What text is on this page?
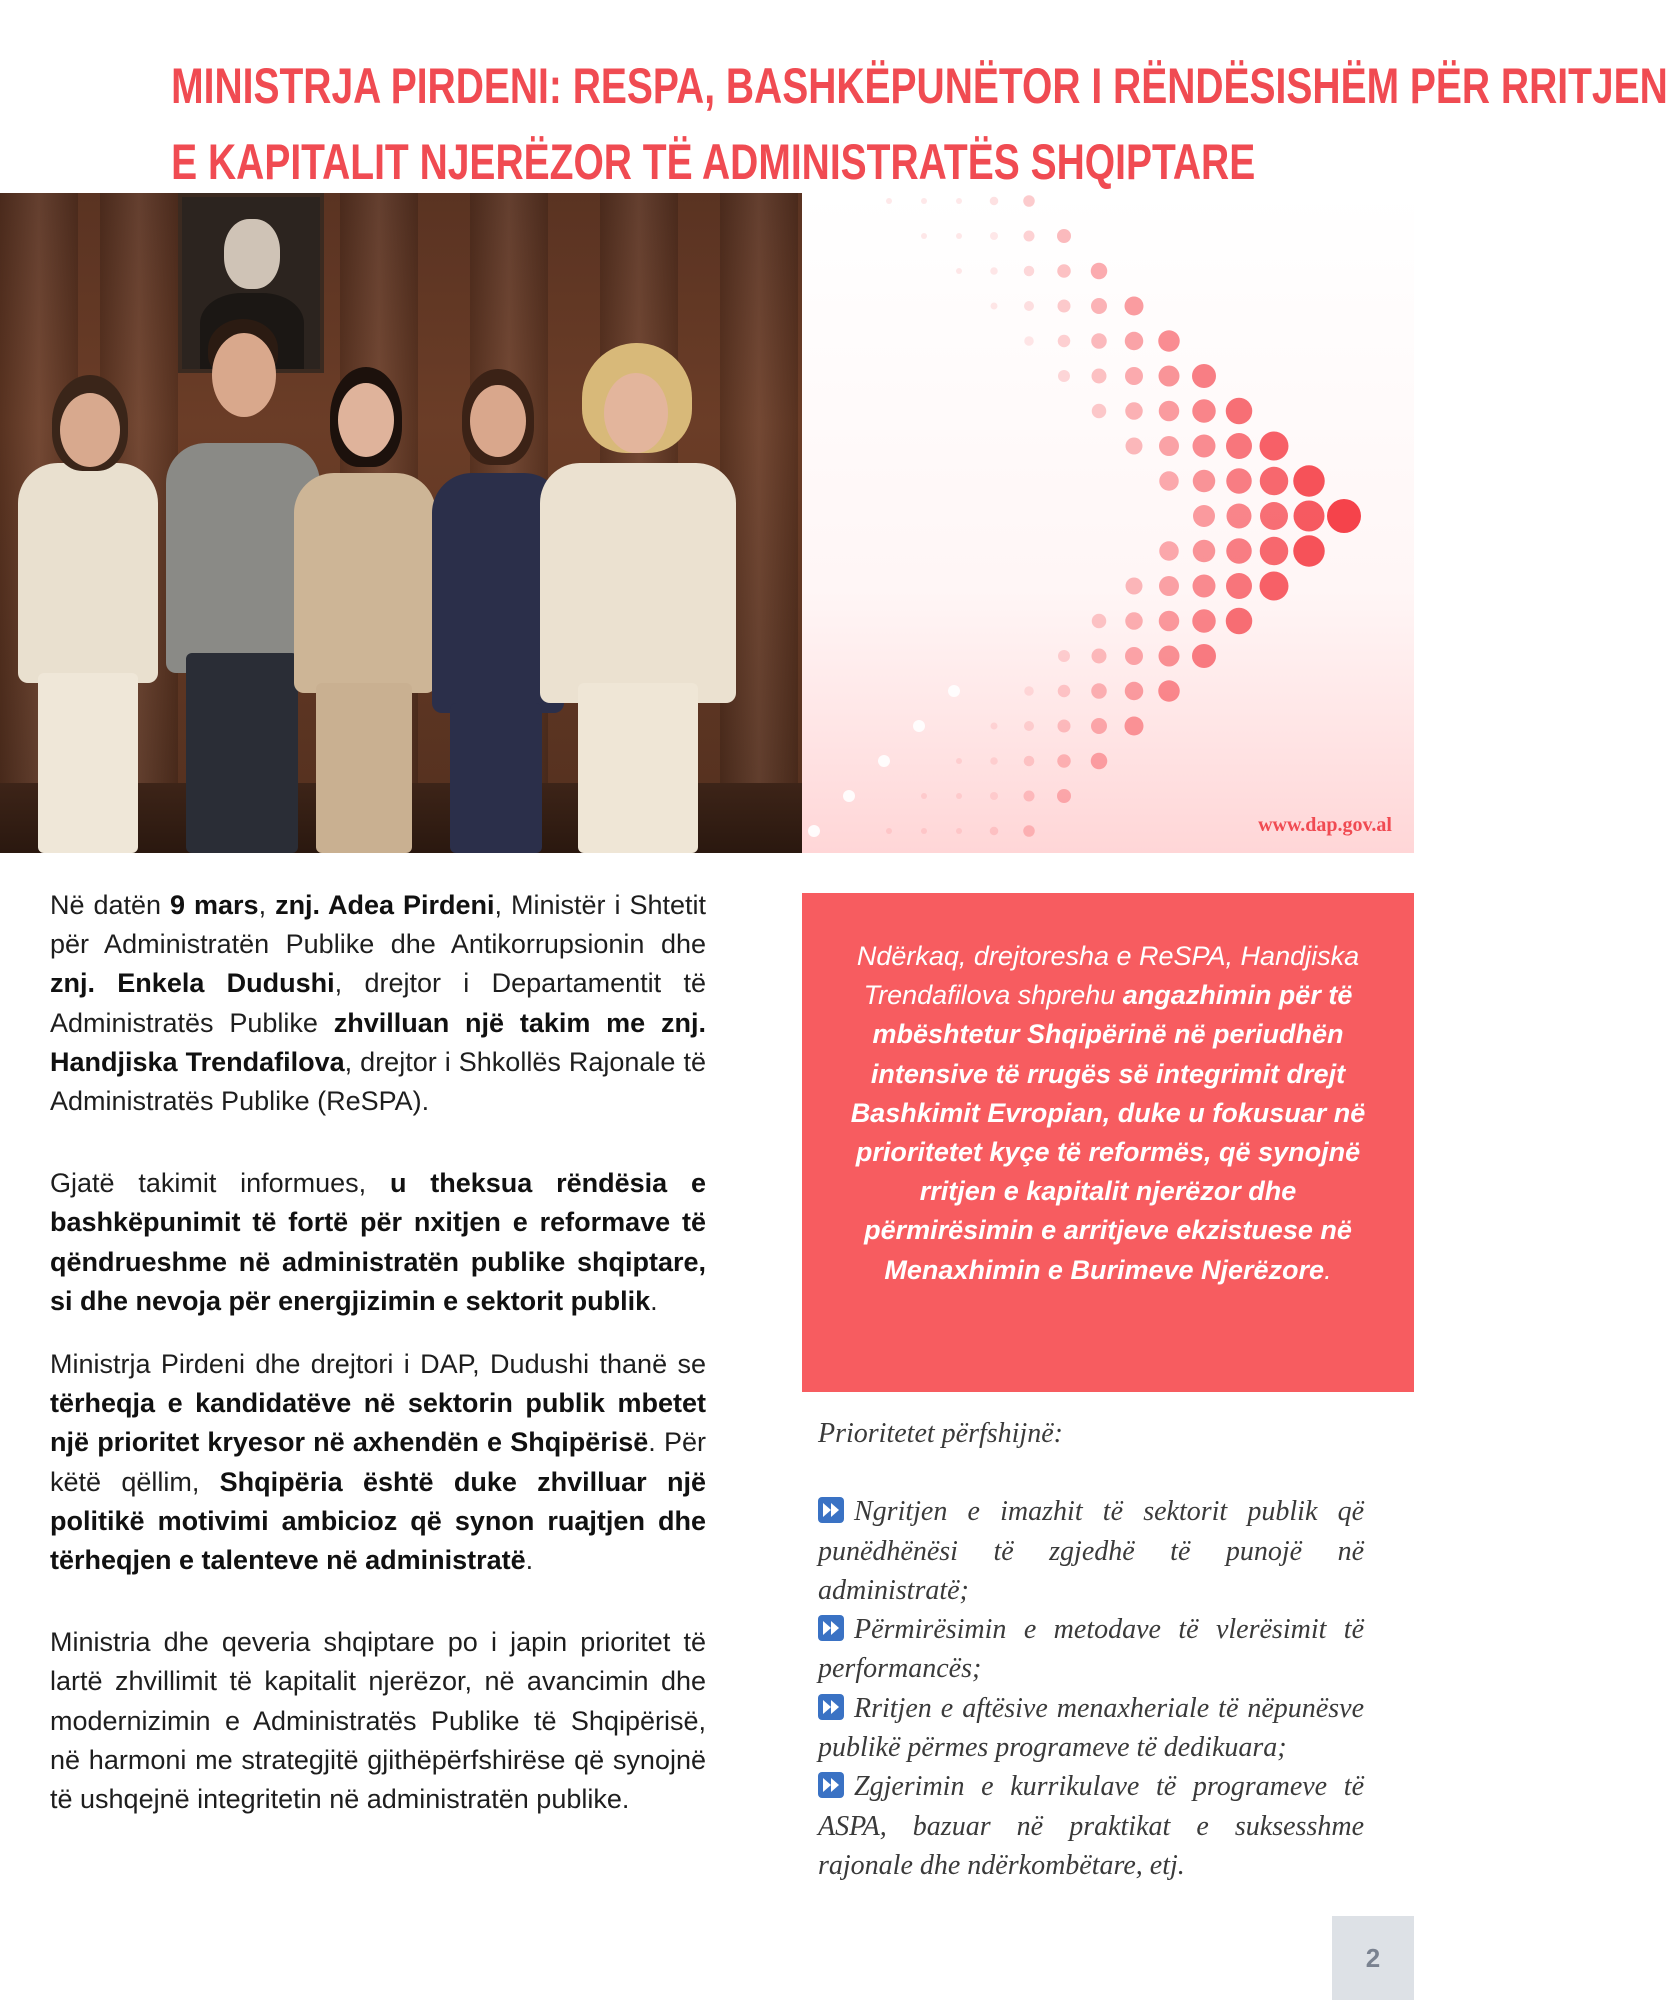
MINISTRJA PIRDENI: RESPA, BASHKËPUNËTOR I RËNDËSISHËM PËR RRITJEN
E KAPITALIT NJERËZOR TË ADMINISTRATËS SHQIPTARE
www.dap.gov.al

Në datën 9 mars, znj. Adea Pirdeni, Ministër i Shtetit për Administratën Publike dhe Antikorrupsionin dhe znj. Enkela Dudushi, drejtor i Departamentit të Administratës Publike zhvilluan një takim me znj. Handjiska Trendafilova, drejtor i Shkollës Rajonale të Administratës Publike (ReSPA).

Gjatë takimit informues, u theksua rëndësia e bashkëpunimit të fortë për nxitjen e reformave të qëndrueshme në administratën publike shqiptare, si dhe nevoja për energjizimin e sektorit publik.

Ministrja Pirdeni dhe drejtori i DAP, Dudushi thanë se tërheqja e kandidatëve në sektorin publik mbetet një prioritet kryesor në axhendën e Shqipërisë. Për këtë qëllim, Shqipëria është duke zhvilluar një politikë motivimi ambicioz që synon ruajtjen dhe tërheqjen e talenteve në administratë.

Ministria dhe qeveria shqiptare po i japin prioritet të lartë zhvillimit të kapitalit njerëzor, në avancimin dhe modernizimin e Administratës Publike të Shqipërisë, në harmoni me strategjitë gjithëpërfshirëse që synojnë të ushqejnë integritetin në administratën publike.

Ndërkaq, drejtoresha e ReSPA, Handjiska Trendafilova shprehu angazhimin për të mbështetur Shqipërinë në periudhën intensive të rrugës së integrimit drejt Bashkimit Evropian, duke u fokusuar në prioritetet kyçe të reformës, që synojnë rritjen e kapitalit njerëzor dhe përmirësimin e arritjeve ekzistuese në Menaxhimin e Burimeve Njerëzore.

Prioritetet përfshijnë:

Ngritjen e imazhit të sektorit publik që punëdhënësi të zgjedhë të punojë në administratë;

Përmirësimin e metodave të vlerësimit të performancës;

Rritjen e aftësive menaxheriale të nëpunësve publikë përmes programeve të dedikuara;

Zgjerimin e kurrikulave të programeve të ASPA, bazuar në praktikat e suksesshme rajonale dhe ndërkombëtare, etj.

2
